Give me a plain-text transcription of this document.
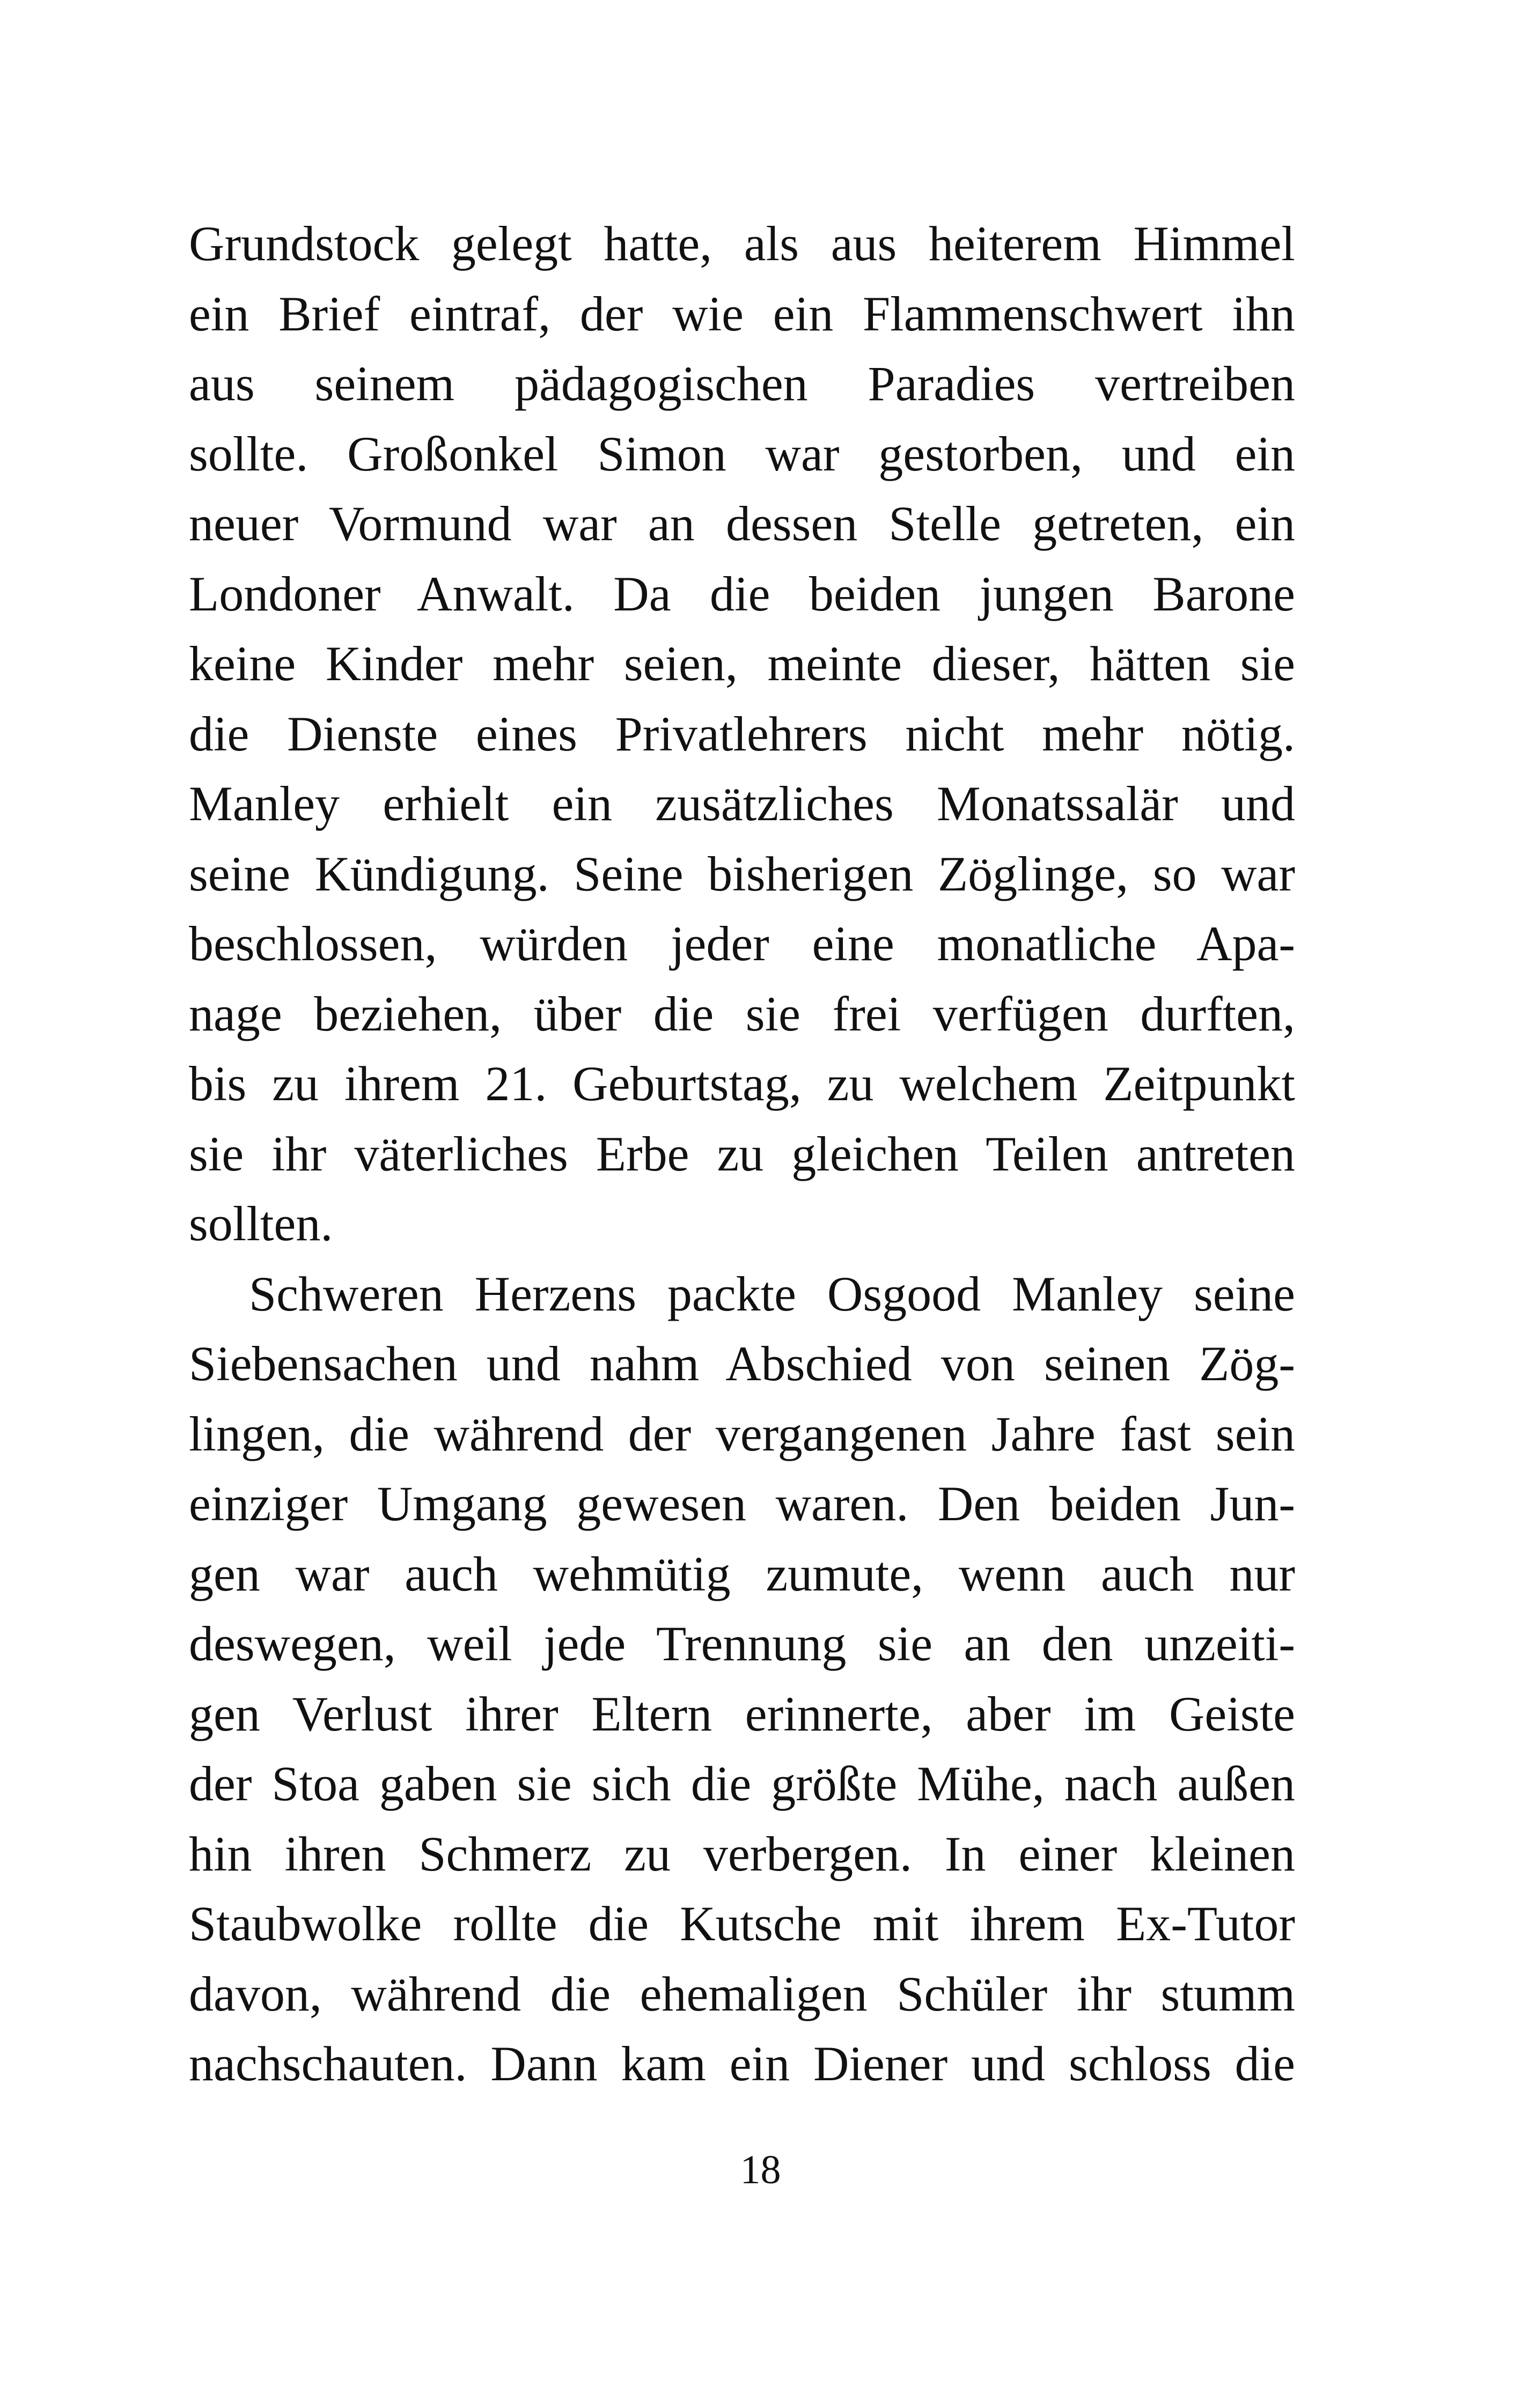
Grundstock gelegt hatte, als aus heiterem Himmel
ein Brief eintraf, der wie ein Flammenschwert ihn
aus seinem pädagogischen Paradies vertreiben
sollte. Großonkel Simon war gestorben, und ein
neuer Vormund war an dessen Stelle getreten, ein
Londoner Anwalt. Da die beiden jungen Barone
keine Kinder mehr seien, meinte dieser, hätten sie
die Dienste eines Privatlehrers nicht mehr nötig.
Manley erhielt ein zusätzliches Monatssalär und
seine Kündigung. Seine bisherigen Zöglinge, so war
beschlossen, würden jeder eine monatliche Apa-
nage beziehen, über die sie frei verfügen durften,
bis zu ihrem 21. Geburtstag, zu welchem Zeitpunkt
sie ihr väterliches Erbe zu gleichen Teilen antreten
sollten.
Schweren Herzens packte Osgood Manley seine
Siebensachen und nahm Abschied von seinen Zög-
lingen, die während der vergangenen Jahre fast sein
einziger Umgang gewesen waren. Den beiden Jun-
gen war auch wehmütig zumute, wenn auch nur
deswegen, weil jede Trennung sie an den unzeiti-
gen Verlust ihrer Eltern erinnerte, aber im Geiste
der Stoa gaben sie sich die größte Mühe, nach außen
hin ihren Schmerz zu verbergen. In einer kleinen
Staubwolke rollte die Kutsche mit ihrem Ex-Tutor
davon, während die ehemaligen Schüler ihr stumm
nachschauten. Dann kam ein Diener und schloss die
18
